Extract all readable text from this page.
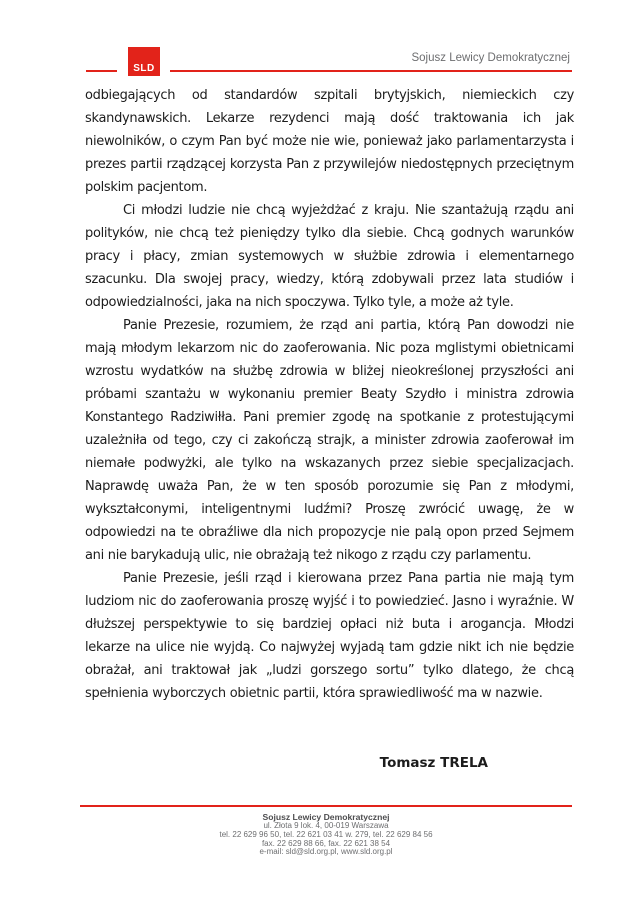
SLD
Sojusz Lewicy Demokratycznej

odbiegających od standardów szpitali brytyjskich, niemieckich czy skandynawskich. Lekarze rezydenci mają dość traktowania ich jak niewolników, o czym Pan być może nie wie, ponieważ jako parlamentarzysta i prezes partii rządzącej korzysta Pan z przywilejów niedostępnych przeciętnym polskim pacjentom.

Ci młodzi ludzie nie chcą wyjeżdżać z kraju. Nie szantażują rządu ani polityków, nie chcą też pieniędzy tylko dla siebie. Chcą godnych warunków pracy i płacy, zmian systemowych w służbie zdrowia i elementarnego szacunku. Dla swojej pracy, wiedzy, którą zdobywali przez lata studiów i odpowiedzialności, jaka na nich spoczywa. Tylko tyle, a może aż tyle.

Panie Prezesie, rozumiem, że rząd ani partia, którą Pan dowodzi nie mają młodym lekarzom nic do zaoferowania. Nic poza mglistymi obietnicami wzrostu wydatków na służbę zdrowia w bliżej nieokreślonej przyszłości ani próbami szantażu w wykonaniu premier Beaty Szydło i ministra zdrowia Konstantego Radziwiłła. Pani premier zgodę na spotkanie z protestującymi uzależniła od tego, czy ci zakończą strajk, a minister zdrowia zaoferował im niemałe podwyżki, ale tylko na wskazanych przez siebie specjalizacjach. Naprawdę uważa Pan, że w ten sposób porozumie się Pan z młodymi, wykształconymi, inteligentnymi ludźmi? Proszę zwrócić uwagę, że w odpowiedzi na te obraźliwe dla nich propozycje nie palą opon przed Sejmem ani nie barykadują ulic, nie obrażają też nikogo z rządu czy parlamentu.

Panie Prezesie, jeśli rząd i kierowana przez Pana partia nie mają tym ludziom nic do zaoferowania proszę wyjść i to powiedzieć. Jasno i wyraźnie. W dłuższej perspektywie to się bardziej opłaci niż buta i arogancja. Młodzi lekarze na ulice nie wyjdą. Co najwyżej wyjadą tam gdzie nikt ich nie będzie obrażał, ani traktował jak „ludzi gorszego sortu” tylko dlatego, że chcą spełnienia wyborczych obietnic partii, która sprawiedliwość ma w nazwie.

Tomasz TRELA
Sojusz Lewicy Demokratycznej
ul. Złota 9 lok. 4, 00-019 Warszawa
tel. 22 629 96 50, tel. 22 621 03 41 w. 279, tel. 22 629 84 56
fax. 22 629 88 66, fax. 22 621 38 54
e-mail: sld@sld.org.pl, www.sld.org.pl
